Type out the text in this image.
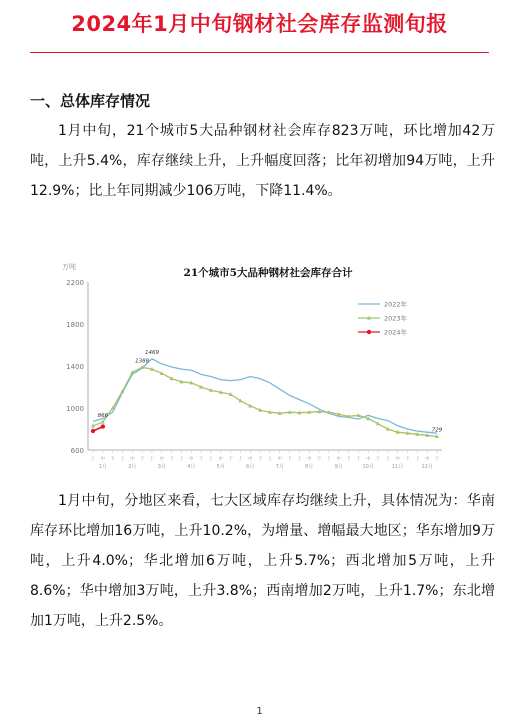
2024年1月中旬钢材社会库存监测旬报
一、总体库存情况
1月中旬，21个城市5大品种钢材社会库存823万吨，环比增加42万吨，上升5.4%，库存继续上升，上升幅度回落；比年初增加94万吨，上升12.9%；比上年同期减少106万吨，下降11.4%。
21个城市5大品种钢材社会库存合计
万吨
2200
1800
1400
1000
600
上 中 下 上 中 下 上 中 下 上 中 下 上 中 下 上 中 下 上 中 下 上 中 下 上 中 下 上 中 下 上 中 下 上 中 下
1月	2月	3月	4月	5月	6月	7月	8月	9月	10月	11月	12月
1469
1388
866
729
2022年
2023年
2024年
1月中旬，分地区来看，七大区域库存均继续上升，具体情况为：华南库存环比增加16万吨，上升10.2%，为增量、增幅最大地区；华东增加9万吨，上升4.0%；华北增加6万吨，上升5.7%；西北增加5万吨，上升8.6%；华中增加3万吨，上升3.8%；西南增加2万吨，上升1.7%；东北增加1万吨，上升2.5%。
1
